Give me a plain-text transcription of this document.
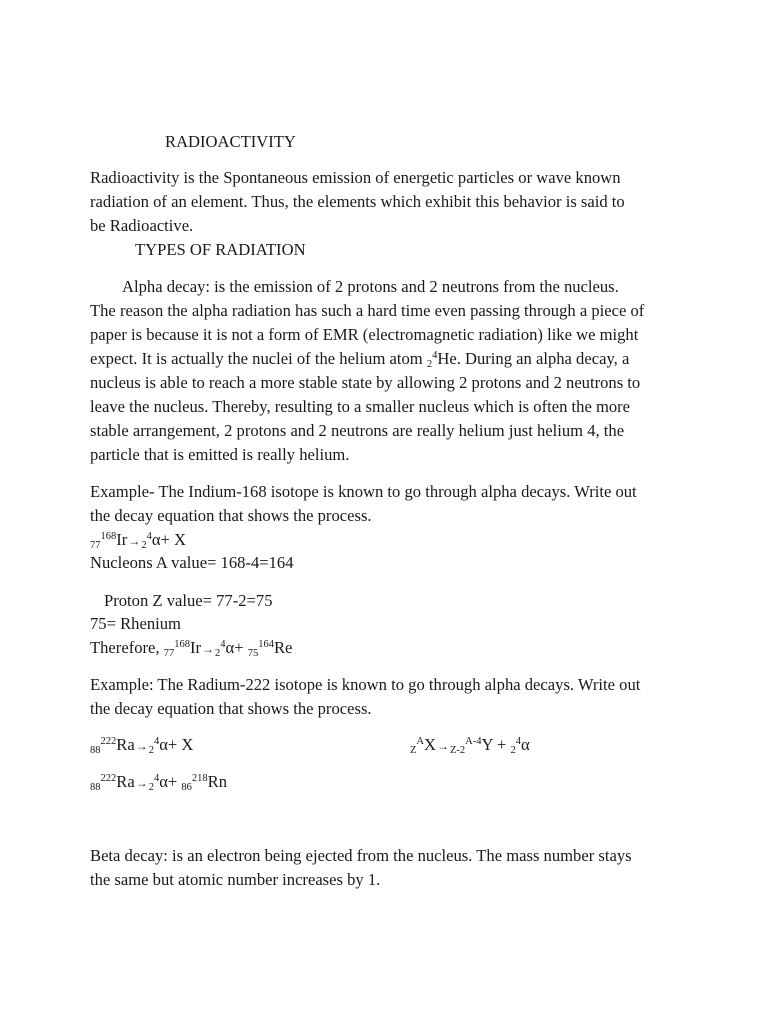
RADIOACTIVITY

Radioactivity is the Spontaneous emission of energetic particles or wave known

radiation of an element. Thus, the elements which exhibit this behavior is said to

be Radioactive.

TYPES OF RADIATION

Alpha decay: is the emission of 2 protons and 2 neutrons from the nucleus.

The reason the alpha radiation has such a hard time even passing through a piece of

paper is because it is not a form of EMR (electromagnetic radiation) like we might

expect. It is actually the nuclei of the helium atom $_2^4$He. During an alpha decay, a

nucleus is able to reach a more stable state by allowing 2 protons and 2 neutrons to

leave the nucleus. Thereby, resulting to a smaller nucleus which is often the more

stable arrangement, 2 protons and 2 neutrons are really helium just helium 4, the

particle that is emitted is really helium.

Example- The Indium-168 isotope is known to go through alpha decays. Write out

the decay equation that shows the process.

$_{77}^{168}Ir\to_2^4\alpha+ X$

Nucleons A value= 168-4=164

Proton Z value= 77-2=75

75= Rhenium

Therefore, $_{77}^{168}Ir\to_2^4\alpha+ _{75}^{164}Re$

Example: The Radium-222 isotope is known to go through alpha decays. Write out

the decay equation that shows the process.

$_{88}^{222}Ra\to_2^4\alpha+ X$	$_Z^AX\to_{Z-2}^{A-4}Y + _2^4\alpha$

$_{88}^{222}Ra\to_2^4\alpha+ _{86}^{218}Rn$

Beta decay: is an electron being ejected from the nucleus. The mass number stays

the same but atomic number increases by 1.
